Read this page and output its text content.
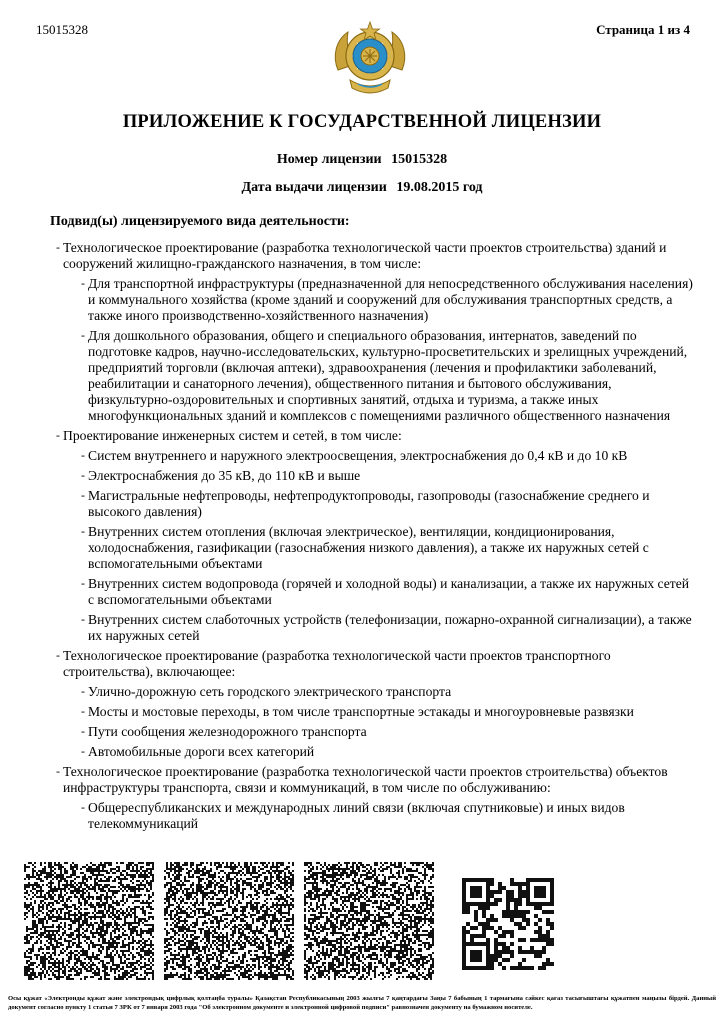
15015328	Страница 1 из 4
ПРИЛОЖЕНИЕ К ГОСУДАРСТВЕННОЙ ЛИЦЕНЗИИ
Номер лицензии 15015328
Дата выдачи лицензии 19.08.2015 год
Подвид(ы) лицензируемого вида деятельности:
- Технологическое проектирование (разработка технологической части проектов строительства) зданий и сооружений жилищно-гражданского назначения, в том числе:
- Для транспортной инфраструктуры (предназначенной для непосредственного обслуживания населения) и коммунального хозяйства (кроме зданий и сооружений для обслуживания транспортных средств, а также иного производственно-хозяйственного назначения)
- Для дошкольного образования, общего и специального образования, интернатов, заведений по подготовке кадров, научно-исследовательских, культурно-просветительских и зрелищных учреждений, предприятий торговли (включая аптеки), здравоохранения (лечения и профилактики заболеваний, реабилитации и санаторного лечения), общественного питания и бытового обслуживания, физкультурно-оздоровительных и спортивных занятий, отдыха и туризма, а также иных многофункциональных зданий и комплексов с помещениями различного общественного назначения
- Проектирование инженерных систем и сетей, в том числе:
- Систем внутреннего и наружного электроосвещения, электроснабжения до 0,4 кВ и до 10 кВ
- Электроснабжения до 35 кВ, до 110 кВ и выше
- Магистральные нефтепроводы, нефтепродуктопроводы, газопроводы (газоснабжение среднего и высокого давления)
- Внутренних систем отопления (включая электрическое), вентиляции, кондиционирования, холодоснабжения, газификации (газоснабжения низкого давления), а также их наружных сетей с вспомогательными объектами
- Внутренних систем водопровода (горячей и холодной воды) и канализации, а также их наружных сетей с вспомогательными объектами
- Внутренних систем слаботочных устройств (телефонизации, пожарно-охранной сигнализации), а также их наружных сетей
- Технологическое проектирование (разработка технологической части проектов транспортного строительства), включающее:
- Улично-дорожную сеть городского электрического транспорта
- Мосты и мостовые переходы, в том числе транспортные эстакады и многоуровневые развязки
- Пути сообщения железнодорожного транспорта
- Автомобильные дороги всех категорий
- Технологическое проектирование (разработка технологической части проектов строительства) объектов инфраструктуры транспорта, связи и коммуникаций, в том числе по обслуживанию:
- Общереспубликанских и международных линий связи (включая спутниковые) и иных видов телекоммуникаций
Осы құжат «Электронды құжат және электрондық цифрлық қолтаңба туралы» Қазақстан Республикасының 2003 жылғы 7 қаңтардағы Заңы 7 бабының 1 тармағына сәйкес қағаз тасығыштағы құжатпен маңызы бірдей. Данный документ согласно пункту 1 статьи 7 ЗРК от 7 января 2003 года "Об электронном документе и электронной цифровой подписи" равнозначен документу на бумажном носителе.
